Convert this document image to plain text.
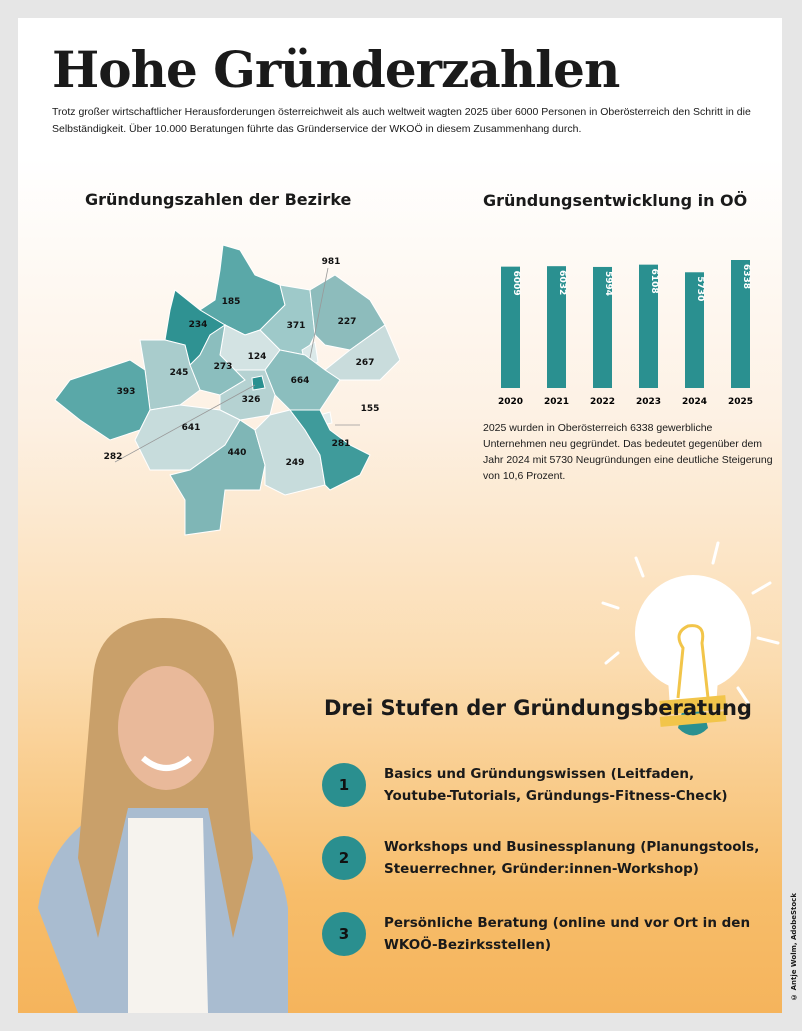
Hohe Gründerzahlen

Trotz großer wirtschaftlicher Herausforderungen österreichweit als auch weltweit wagten 2025 über 6000 Personen in Oberösterreich den Schritt in die Selbständigkeit. Über 10.000 Beratungen führte das Gründerservice der WKOÖ in diesem Zusammenhang durch.

Gründungszahlen der Bezirke
185
234	371	227
981
124
273
245
267
664
393
326
155
641
282	440
249
281
Gründungsentwicklung in OÖ
6009
2020
6032
2021
5994
2022
6108
2023
5730
2024
6338
2025

2025 wurden in Oberösterreich 6338 gewerbliche Unternehmen neu gegründet. Das bedeutet gegenüber dem Jahr 2024 mit 5730 Neugründungen eine deutliche Steigerung von 10,6 Prozent.

Drei Stufen der Gründungsberatung
1
Basics und Gründungswissen (Leitfaden, Youtube-Tutorials, Gründungs-Fitness-Check)
2
Workshops und Businessplanung (Planungstools, Steuerrechner, Gründer:innen-Workshop)
3
Persönliche Beratung (online und vor Ort in den WKOÖ-Bezirksstellen)	© Antje Wolm, AdobeStock
